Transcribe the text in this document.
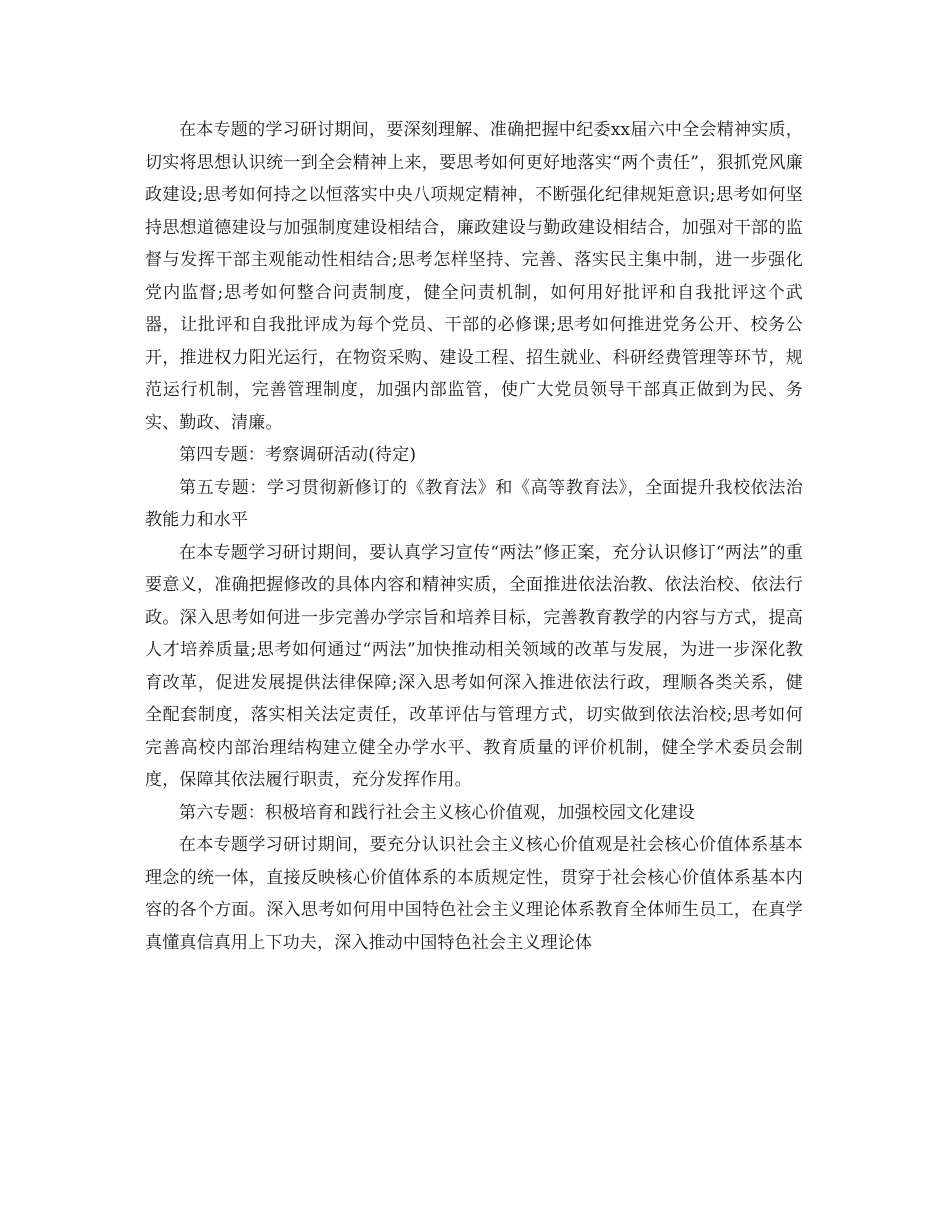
在本专题的学习研讨期间，要深刻理解、准确把握中纪委xx届六中全会精神实质，切实将思想认识统一到全会精神上来，要思考如何更好地落实“两个责任”，狠抓党风廉政建设;思考如何持之以恒落实中央八项规定精神，不断强化纪律规矩意识;思考如何坚持思想道德建设与加强制度建设相结合，廉政建设与勤政建设相结合，加强对干部的监督与发挥干部主观能动性相结合;思考怎样坚持、完善、落实民主集中制，进一步强化党内监督;思考如何整合问责制度，健全问责机制，如何用好批评和自我批评这个武器，让批评和自我批评成为每个党员、干部的必修课;思考如何推进党务公开、校务公开，推进权力阳光运行，在物资采购、建设工程、招生就业、科研经费管理等环节，规范运行机制，完善管理制度，加强内部监管，使广大党员领导干部真正做到为民、务实、勤政、清廉。

第四专题：考察调研活动(待定)

第五专题：学习贯彻新修订的《教育法》和《高等教育法》，全面提升我校依法治教能力和水平

在本专题学习研讨期间，要认真学习宣传“两法”修正案，充分认识修订“两法”的重要意义，准确把握修改的具体内容和精神实质，全面推进依法治教、依法治校、依法行政。深入思考如何进一步完善办学宗旨和培养目标，完善教育教学的内容与方式，提高人才培养质量;思考如何通过“两法”加快推动相关领域的改革与发展，为进一步深化教育改革，促进发展提供法律保障;深入思考如何深入推进依法行政，理顺各类关系，健全配套制度，落实相关法定责任，改革评估与管理方式，切实做到依法治校;思考如何完善高校内部治理结构建立健全办学水平、教育质量的评价机制，健全学术委员会制度，保障其依法履行职责，充分发挥作用。

第六专题：积极培育和践行社会主义核心价值观，加强校园文化建设

在本专题学习研讨期间，要充分认识社会主义核心价值观是社会核心价值体系基本理念的统一体，直接反映核心价值体系的本质规定性，贯穿于社会核心价值体系基本内容的各个方面。深入思考如何用中国特色社会主义理论体系教育全体师生员工，在真学真懂真信真用上下功夫，深入推动中国特色社会主义理论体
